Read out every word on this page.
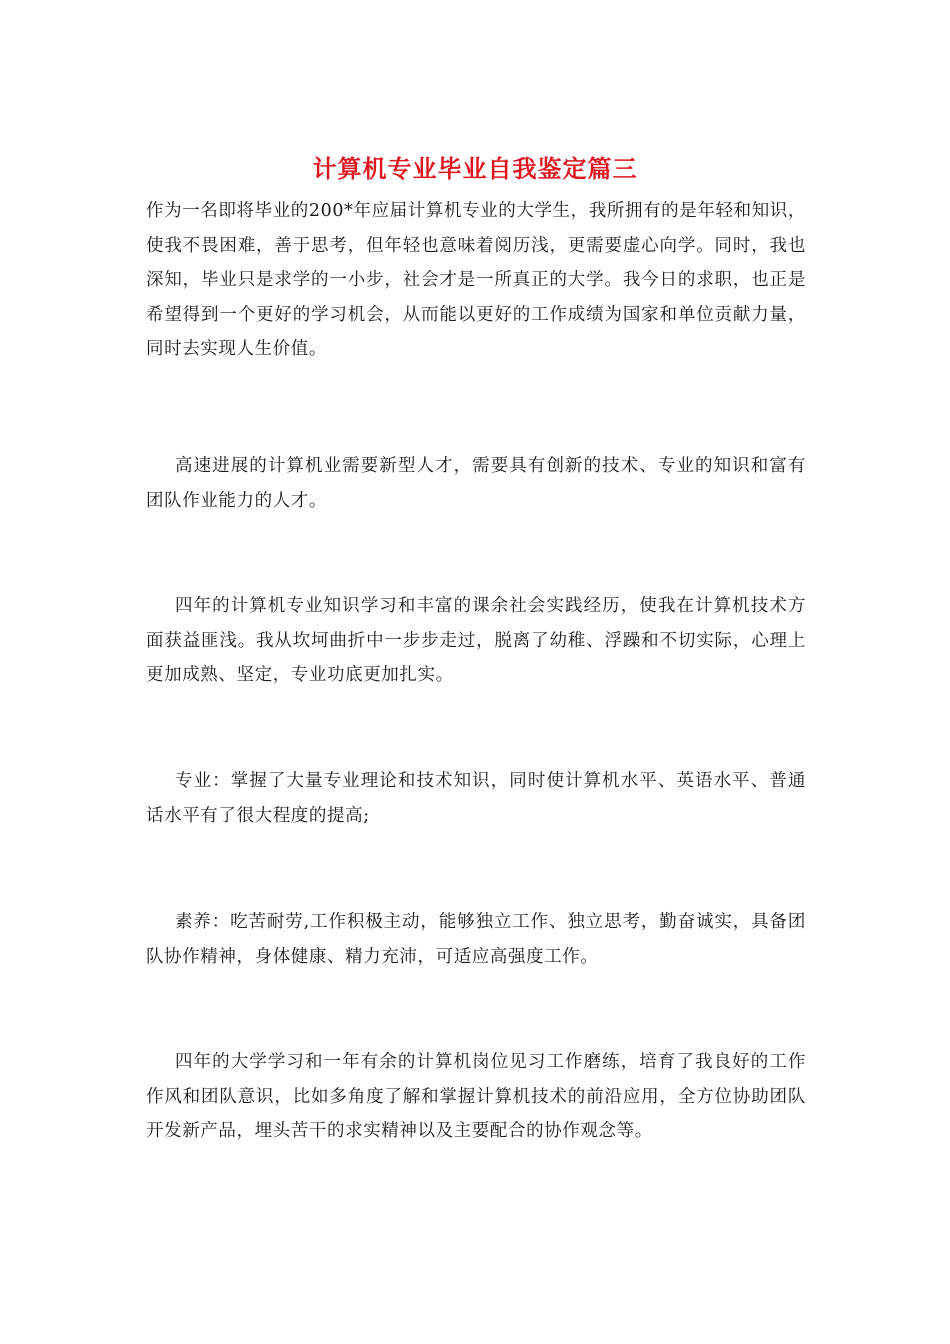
计算机专业毕业自我鉴定篇三

作为一名即将毕业的200*年应届计算机专业的大学生，我所拥有的是年轻和知识，使我不畏困难，善于思考，但年轻也意味着阅历浅，更需要虚心向学。同时，我也深知，毕业只是求学的一小步，社会才是一所真正的大学。我今日的求职，也正是希望得到一个更好的学习机会，从而能以更好的工作成绩为国家和单位贡献力量，同时去实现人生价值。

高速进展的计算机业需要新型人才，需要具有创新的技术、专业的知识和富有团队作业能力的人才。

四年的计算机专业知识学习和丰富的课余社会实践经历，使我在计算机技术方面获益匪浅。我从坎坷曲折中一步步走过，脱离了幼稚、浮躁和不切实际，心理上更加成熟、坚定，专业功底更加扎实。

专业：掌握了大量专业理论和技术知识，同时使计算机水平、英语水平、普通话水平有了很大程度的提高;

素养：吃苦耐劳,工作积极主动，能够独立工作、独立思考，勤奋诚实，具备团队协作精神，身体健康、精力充沛，可适应高强度工作。

四年的大学学习和一年有余的计算机岗位见习工作磨练，培育了我良好的工作作风和团队意识，比如多角度了解和掌握计算机技术的前沿应用，全方位协助团队开发新产品，埋头苦干的求实精神以及主要配合的协作观念等。
